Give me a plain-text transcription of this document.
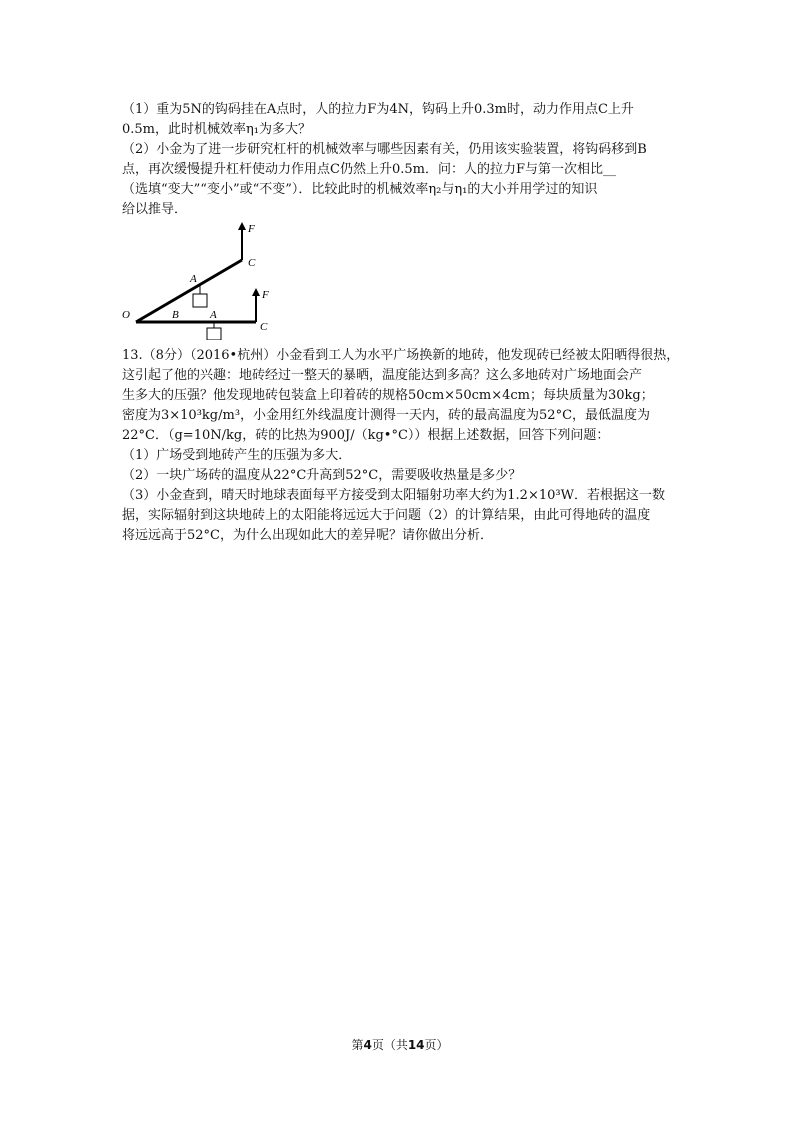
（1）重为5N的钩码挂在A点时，人的拉力F为4N，钩码上升0.3m时，动力作用点C上升
0.5m，此时机械效率η₁为多大？
（2）小金为了进一步研究杠杆的机械效率与哪些因素有关，仍用该实验装置，将钩码移到B
点，再次缓慢提升杠杆使动力作用点C仍然上升0.5m．问：人的拉力F与第一次相比__
（选填“变大”“变小”或“不变”）．比较此时的机械效率η₂与η₁的大小并用学过的知识
给以推导．
O
A
B
C
F
A
C
F
13.（8分）（2016•杭州）小金看到工人为水平广场换新的地砖，他发现砖已经被太阳晒得很热，
这引起了他的兴趣：地砖经过一整天的暴晒，温度能达到多高？这么多地砖对广场地面会产
生多大的压强？他发现地砖包装盒上印着砖的规格50cm×50cm×4cm；每块质量为30kg；
密度为3×10³kg/m³，小金用红外线温度计测得一天内，砖的最高温度为52°C，最低温度为
22°C．（g=10N/kg，砖的比热为900J/（kg•°C））根据上述数据，回答下列问题：
（1）广场受到地砖产生的压强为多大．
（2）一块广场砖的温度从22°C升高到52°C，需要吸收热量是多少？
（3）小金查到，晴天时地球表面每平方接受到太阳辐射功率大约为1.2×10³W．若根据这一数
据，实际辐射到这块地砖上的太阳能将远远大于问题（2）的计算结果，由此可得地砖的温度
将远远高于52°C，为什么出现如此大的差异呢？请你做出分析．
第4页（共14页）
